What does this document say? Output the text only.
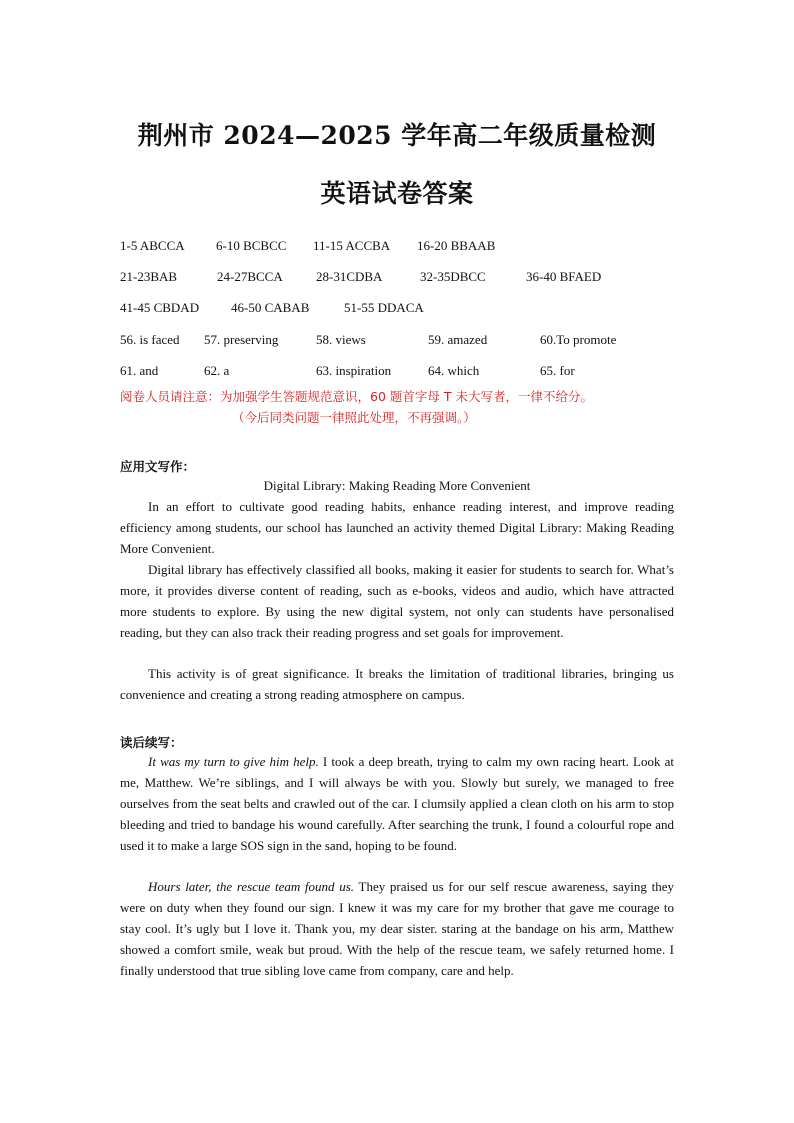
荆州市 2024—2025 学年高二年级质量检测
英语试卷答案
1-5 ABCCA 6-10 BCBCC 11-15 ACCBA 16-20 BBAAB
21-23BAB	24-27BCCA	28-31CDBA	32-35DBCC	36-40 BFAED
41-45 CBDAD 46-50 CABAB	51-55 DDACA
56. is faced 57. preserving	58. views	59. amazed	60.To promote
61. and	62. a	63. inspiration	64. which	65. for
阅卷人员请注意：为加强学生答题规范意识，60 题首字母 T 未大写者，一律不给分。
（今后同类问题一律照此处理，不再强调。）
应用文写作：
Digital Library: Making Reading More Convenient

In an effort to cultivate good reading habits, enhance reading interest, and improve reading efficiency among students, our school has launched an activity themed Digital Library: Making Reading More Convenient.

Digital library has effectively classified all books, making it easier for students to search for. What’s more, it provides diverse content of reading, such as e-books, videos and audio, which have attracted more students to explore. By using the new digital system, not only can students have personalised reading, but they can also track their reading progress and set goals for improvement.

This activity is of great significance. It breaks the limitation of traditional libraries, bringing us convenience and creating a strong reading atmosphere on campus.

读后续写：

It was my turn to give him help. I took a deep breath, trying to calm my own racing heart. Look at me, Matthew. We’re siblings, and I will always be with you. Slowly but surely, we managed to free ourselves from the seat belts and crawled out of the car. I clumsily applied a clean cloth on his arm to stop bleeding and tried to bandage his wound carefully. After searching the trunk, I found a colourful rope and used it to make a large SOS sign in the sand, hoping to be found.

Hours later, the rescue team found us. They praised us for our self rescue awareness, saying they were on duty when they found our sign. I knew it was my care for my brother that gave me courage to stay cool. It’s ugly but I love it. Thank you, my dear sister. staring at the bandage on his arm, Matthew showed a comfort smile, weak but proud. With the help of the rescue team, we safely returned home. I finally understood that true sibling love came from company, care and help.
